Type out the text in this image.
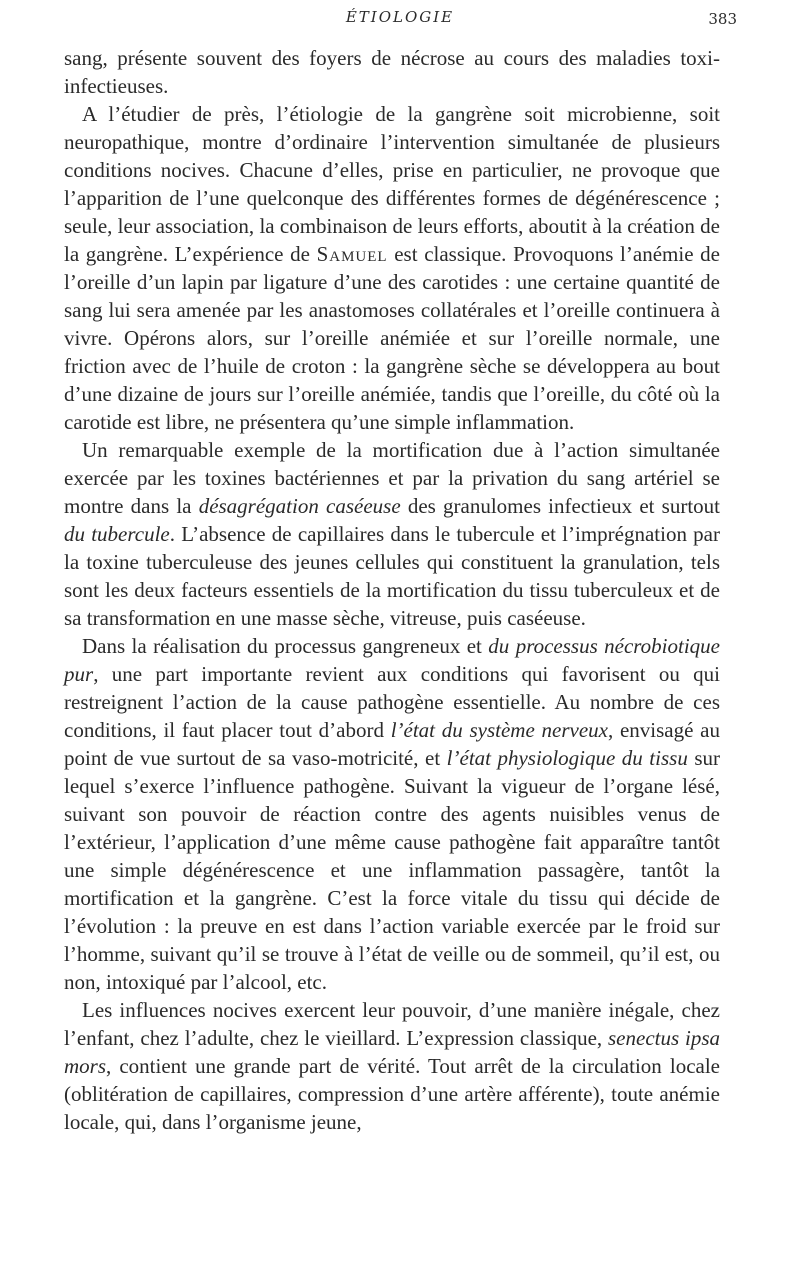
ÉTIOLOGIE	383

sang, présente souvent des foyers de nécrose au cours des maladies toxi-infectieuses.

A l’étudier de près, l’étiologie de la gangrène soit microbienne, soit neuropathique, montre d’ordinaire l’intervention simultanée de plusieurs conditions nocives. Chacune d’elles, prise en particulier, ne provoque que l’apparition de l’une quelconque des différentes formes de dégénérescence ; seule, leur association, la combinaison de leurs efforts, aboutit à la création de la gangrène. L’expérience de Samuel est classique. Provoquons l’anémie de l’oreille d’un lapin par ligature d’une des carotides : une certaine quantité de sang lui sera amenée par les anastomoses collatérales et l’oreille continuera à vivre. Opérons alors, sur l’oreille anémiée et sur l’oreille normale, une friction avec de l’huile de croton : la gangrène sèche se développera au bout d’une dizaine de jours sur l’oreille anémiée, tandis que l’oreille, du côté où la carotide est libre, ne présentera qu’une simple inflammation.

Un remarquable exemple de la mortification due à l’action simultanée exercée par les toxines bactériennes et par la privation du sang artériel se montre dans la désagrégation caséeuse des granulomes infectieux et surtout du tubercule. L’absence de capillaires dans le tubercule et l’imprégnation par la toxine tuberculeuse des jeunes cellules qui constituent la granulation, tels sont les deux facteurs essentiels de la mortification du tissu tuberculeux et de sa transformation en une masse sèche, vitreuse, puis caséeuse.

Dans la réalisation du processus gangreneux et du processus nécrobiotique pur, une part importante revient aux conditions qui favorisent ou qui restreignent l’action de la cause pathogène essentielle. Au nombre de ces conditions, il faut placer tout d’abord l’état du système nerveux, envisagé au point de vue surtout de sa vaso-motricité, et l’état physiologique du tissu sur lequel s’exerce l’influence pathogène. Suivant la vigueur de l’organe lésé, suivant son pouvoir de réaction contre des agents nuisibles venus de l’extérieur, l’application d’une même cause pathogène fait apparaître tantôt une simple dégénérescence et une inflammation passagère, tantôt la mortification et la gangrène. C’est la force vitale du tissu qui décide de l’évolution : la preuve en est dans l’action variable exercée par le froid sur l’homme, suivant qu’il se trouve à l’état de veille ou de sommeil, qu’il est, ou non, intoxiqué par l’alcool, etc.

Les influences nocives exercent leur pouvoir, d’une manière inégale, chez l’enfant, chez l’adulte, chez le vieillard. L’expression classique, senectus ipsa mors, contient une grande part de vérité. Tout arrêt de la circulation locale (oblitération de capillaires, compression d’une artère afférente), toute anémie locale, qui, dans l’organisme jeune,
